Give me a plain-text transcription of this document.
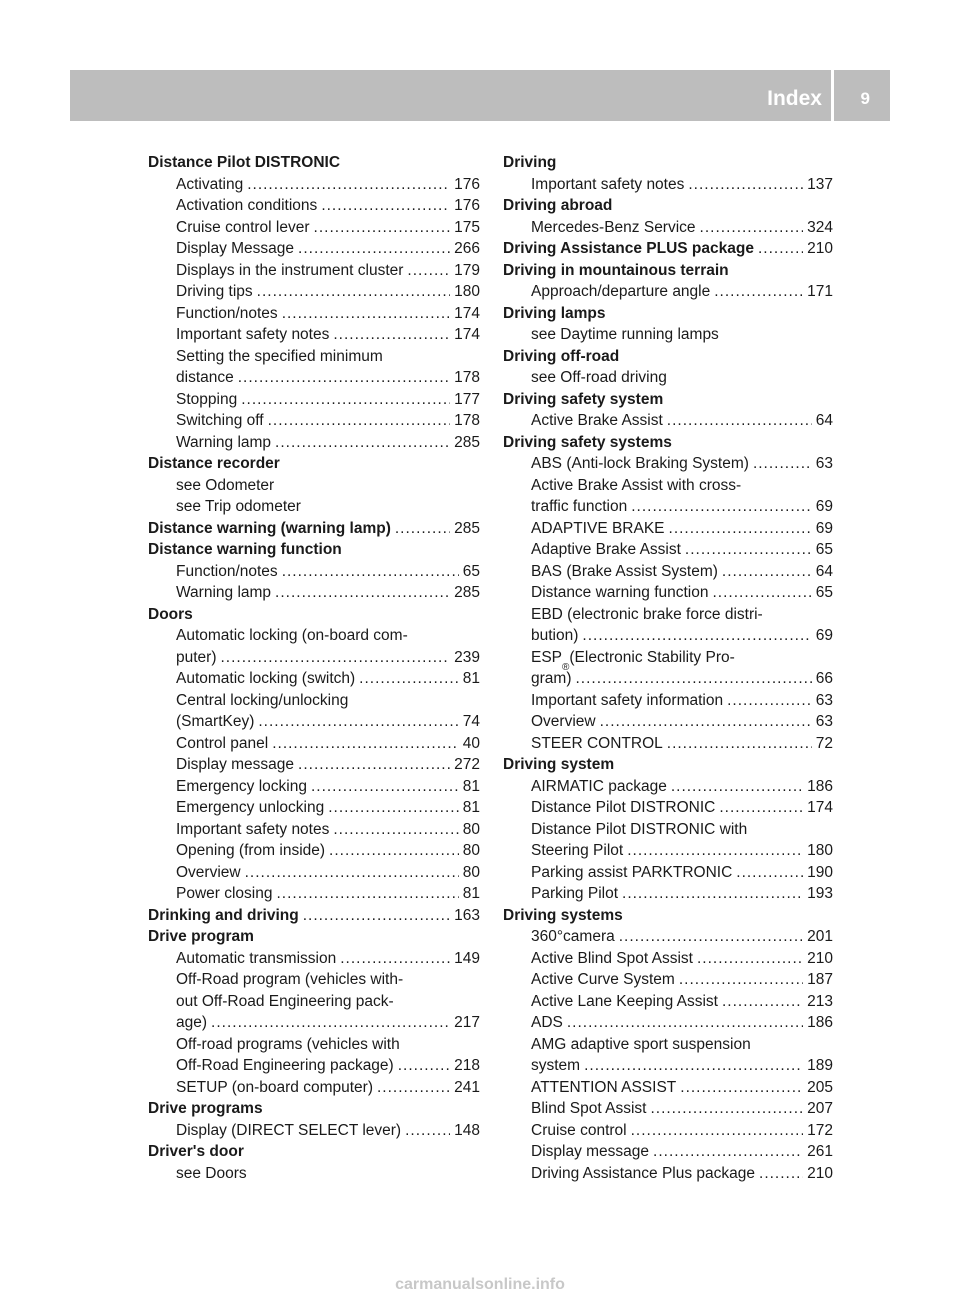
Index 9
Distance Pilot DISTRONIC
Activating .....	176
Activation conditions .....	176
Cruise control lever .....	175
Display Message .....	266
Displays in the instrument cluster .....	179
Driving tips .....	180
Function/notes .....	174
Important safety notes .....	174
Setting the specified minimum
distance .....	178
Stopping .....	177
Switching off .....	178
Warning lamp .....	285
Distance recorder
see Odometer
see Trip odometer
Distance warning (warning lamp) .....	285
Distance warning function
Function/notes .....	65
Warning lamp .....	285
Doors
Automatic locking (on-board com-
puter) .....	239
Automatic locking (switch) .....	81
Central locking/unlocking
(SmartKey) .....	74
Control panel .....	40
Display message .....	272
Emergency locking .....	81
Emergency unlocking .....	81
Important safety notes .....	80
Opening (from inside) .....	80
Overview .....	80
Power closing .....	81
Drinking and driving .....	163
Drive program
Automatic transmission .....	149
Off-Road program (vehicles with-
out Off-Road Engineering pack-
age) .....	217
Off-road programs (vehicles with
Off-Road Engineering package) .....	218
SETUP (on-board computer) .....	241
Drive programs
Display (DIRECT SELECT lever) .....	148
Driver's door
see Doors
Driving
Important safety notes .....	137
Driving abroad
Mercedes-Benz Service .....	324
Driving Assistance PLUS package .....	210
Driving in mountainous terrain
Approach/departure angle .....	171
Driving lamps
see Daytime running lamps
Driving off-road
see Off-road driving
Driving safety system
Active Brake Assist .....	64
Driving safety systems
ABS (Anti-lock Braking System) .....	63
Active Brake Assist with cross-
traffic function .....	69
ADAPTIVE BRAKE .....	69
Adaptive Brake Assist .....	65
BAS (Brake Assist System) .....	64
Distance warning function .....	65
EBD (electronic brake force distri-
bution) .....	69
ESP
®
(Electronic Stability Pro-
gram) .....	66
Important safety information .....	63
Overview .....	63
STEER CONTROL .....	72
Driving system
AIRMATIC package .....	186
Distance Pilot DISTRONIC .....	174
Distance Pilot DISTRONIC with
Steering Pilot .....	180
Parking assist PARKTRONIC .....	190
Parking Pilot .....	193
Driving systems
360°camera .....	201
Active Blind Spot Assist .....	210
Active Curve System .....	187
Active Lane Keeping Assist .....	213
ADS .....	186
AMG adaptive sport suspension
system .....	189
ATTENTION ASSIST .....	205
Blind Spot Assist .....	207
Cruise control .....	172
Display message .....	261
Driving Assistance Plus package .....	210
carmanualsonline.info
